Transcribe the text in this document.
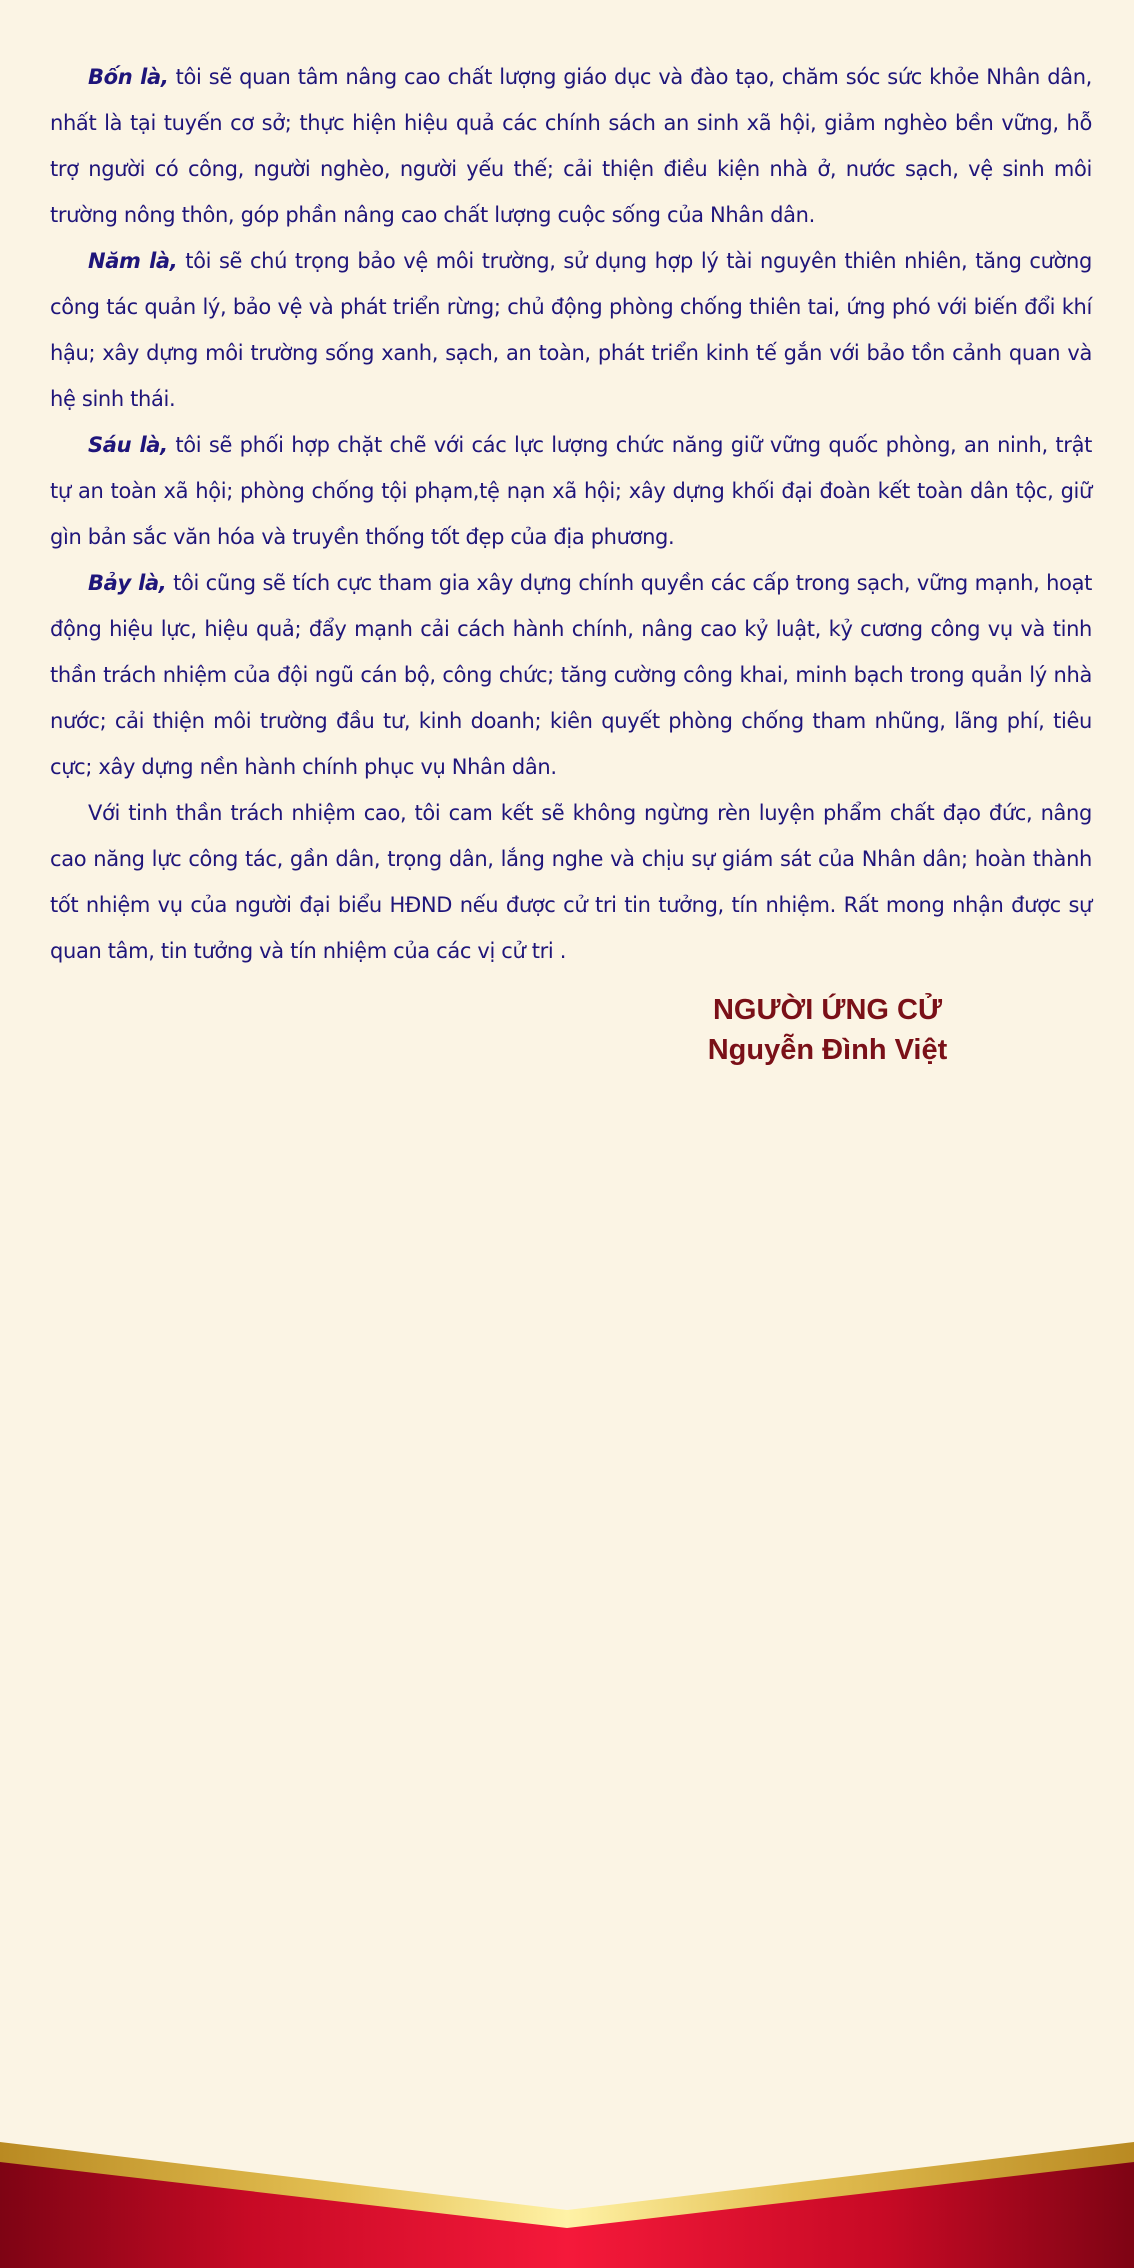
Bốn là, tôi sẽ quan tâm nâng cao chất lượng giáo dục và đào tạo, chăm sóc sức khỏe Nhân dân, nhất là tại tuyến cơ sở; thực hiện hiệu quả các chính sách an sinh xã hội, giảm nghèo bền vững, hỗ trợ người có công, người nghèo, người yếu thế; cải thiện điều kiện nhà ở, nước sạch, vệ sinh môi trường nông thôn, góp phần nâng cao chất lượng cuộc sống của Nhân dân.

Năm là, tôi sẽ chú trọng bảo vệ môi trường, sử dụng hợp lý tài nguyên thiên nhiên, tăng cường công tác quản lý, bảo vệ và phát triển rừng; chủ động phòng chống thiên tai, ứng phó với biến đổi khí hậu; xây dựng môi trường sống xanh, sạch, an toàn, phát triển kinh tế gắn với bảo tồn cảnh quan và hệ sinh thái.

Sáu là, tôi sẽ phối hợp chặt chẽ với các lực lượng chức năng giữ vững quốc phòng, an ninh, trật tự an toàn xã hội; phòng chống tội phạm,tệ nạn xã hội; xây dựng khối đại đoàn kết toàn dân tộc, giữ gìn bản sắc văn hóa và truyền thống tốt đẹp của địa phương.

Bảy là, tôi cũng sẽ tích cực tham gia xây dựng chính quyền các cấp trong sạch, vững mạnh, hoạt động hiệu lực, hiệu quả; đẩy mạnh cải cách hành chính, nâng cao kỷ luật, kỷ cương công vụ và tinh thần trách nhiệm của đội ngũ cán bộ, công chức; tăng cường công khai, minh bạch trong quản lý nhà nước; cải thiện môi trường đầu tư, kinh doanh; kiên quyết phòng chống tham nhũng, lãng phí, tiêu cực; xây dựng nền hành chính phục vụ Nhân dân.

Với tinh thần trách nhiệm cao, tôi cam kết sẽ không ngừng rèn luyện phẩm chất đạo đức, nâng cao năng lực công tác, gần dân, trọng dân, lắng nghe và chịu sự giám sát của Nhân dân; hoàn thành tốt nhiệm vụ của người đại biểu HĐND nếu được cử tri tin tưởng, tín nhiệm. Rất mong nhận được sự quan tâm, tin tưởng và tín nhiệm của các vị cử tri .

NGƯỜI ỨNG CỬ
Nguyễn Đình Việt
